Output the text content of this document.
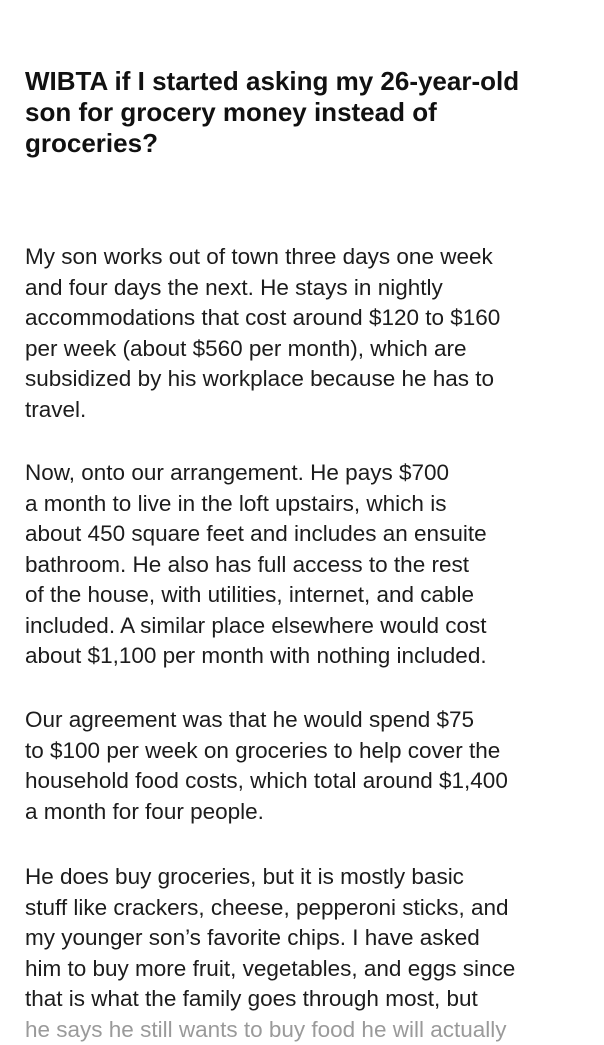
WIBTA if I started asking my 26-year-old
son for grocery money instead of
groceries?

My son works out of town three days one week
and four days the next. He stays in nightly
accommodations that cost around $120 to $160
per week (about $560 per month), which are
subsidized by his workplace because he has to
travel.

Now, onto our arrangement. He pays $700
a month to live in the loft upstairs, which is
about 450 square feet and includes an ensuite
bathroom. He also has full access to the rest
of the house, with utilities, internet, and cable
included. A similar place elsewhere would cost
about $1,100 per month with nothing included.

Our agreement was that he would spend $75
to $100 per week on groceries to help cover the
household food costs, which total around $1,400
a month for four people.

He does buy groceries, but it is mostly basic
stuff like crackers, cheese, pepperoni sticks, and
my younger son’s favorite chips. I have asked
him to buy more fruit, vegetables, and eggs since
that is what the family goes through most, but
he says he still wants to buy food he will actually
